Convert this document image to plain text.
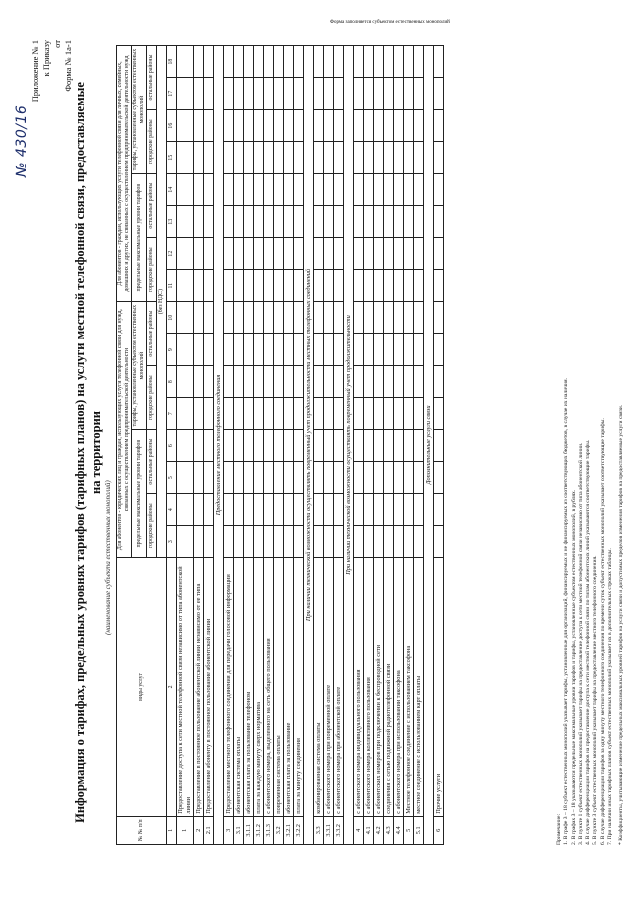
№ 430/16
Приложение № 1 к Приказу от Форма № 1а-1
Информация о тарифах, предельных уровнях тарифов (тарифных планов) на услуги местной телефонной связи, предоставляемые на территории
(наименование субъекта естественных монополий)
№ № п/п	виды услуг	Для абонентов - юридических лиц и граждан, использующих услуги телефонной связи для нужд, связанных с осуществлением предпринимательской деятельности								Для абонентов - граждан, использующих услуги телефонной связи для личных, семейных, домашних и других, не связанных с осуществлением предпринимательской деятельности нужд							
		предельные максимальные уровни тарифов				тарифы, установленные субъектом естественных монополий				предельные максимальные уровни тарифов				тарифы, установленные субъектом естественных монополий			
		городские районы		остальные районы		городские районы		остальные районы		городские районы		остальные районы		городские районы		остальные районы	
		(без НДС)															
1	2	3	4	5	6	7	8	9	10	11	12	13	14	15	16	17	18
1	Предоставление доступа к сети местной телефонной связи независимо от типа абонентской линии																
2	Предоставление в постоянное пользование абонентской линии независимо от ее типа																
2.1	Предоставление абоненту в постоянное пользование абонентской линии																
Предоставление местного телефонного соединения																	
3	Предоставление местного телефонного соединения для передачи голосовой информации																
3.1	абонентская система оплаты																
3.1.1	абонентская плата за пользование телефоном																
3.1.2	плата за каждую минуту сверх норматива																
3.1.3	с абонентского номера, выделенного на сеть общего пользования																
3.2	повременная система оплаты																
3.2.1	абонентская плата за пользование																
3.2.2	плата за минуту соединения																
При наличии технической возможности осуществлять повременный учет продолжительности местных телефонных соединений																	
3.3	комбинированная система оплаты																
3.3.1	с абонентского номера при повременной оплате																
3.3.2	с абонентского номера при абонентской оплате																
При наличии технической возможности осуществлять повременный учет продолжительности																	
4	с абонентского номера индивидуального пользования																
4.1	с абонентского номера коллективного пользования																
4.2	с абонентских номеров при подключении к беспроводной сети																
4.3	соединения с сетью подвижной радиотелефонной связи																
4.4	с абонентского номера при использовании таксофона																
5	Местное телефонное соединение с использованием таксофона																
5.1	местное соединение с использованием карт оплаты																
Дополнительные услуги связи																	
6	Прочие услуги																
Примечание: 1. В графе 3 – 18 субъект естественных монополий указывает тарифы, установленные для организаций, финансируемых и не финансируемых из соответствующих бюджетов, в случае их наличия. 2. В графах 3 – 18 указываются предельные максимальные уровни тарифов и тарифы, установленные субъектом естественных монополий, в рублях. 3. В пункте 1 субъект естественных монополий указывает тарифы на предоставление доступа к сети местной телефонной связи независимо от типа абонентской линии. 4. В случае дифференциации тарифов на предоставление доступа к сети местной телефонной связи по типам абонентских линий указываются соответствующие тарифы. 5. В пункте 3 субъект естественных монополий указывает тарифы на предоставление местного телефонного соединения. 6. В случае дифференциации тарифов за одну минуту местного телефонного соединения по времени суток субъект естественных монополий указывает соответствующие тарифы. 7. При наличии иных тарифных планов субъект естественных монополий указывает их в дополнительных строках таблицы. * Коэффициенты, учитывающие изменение предельных максимальных уровней тарифов на услуги связи и допустимых пределов изменения тарифов на предоставляемые услуги связи.
Форма заполняется субъектом естественных монополий
